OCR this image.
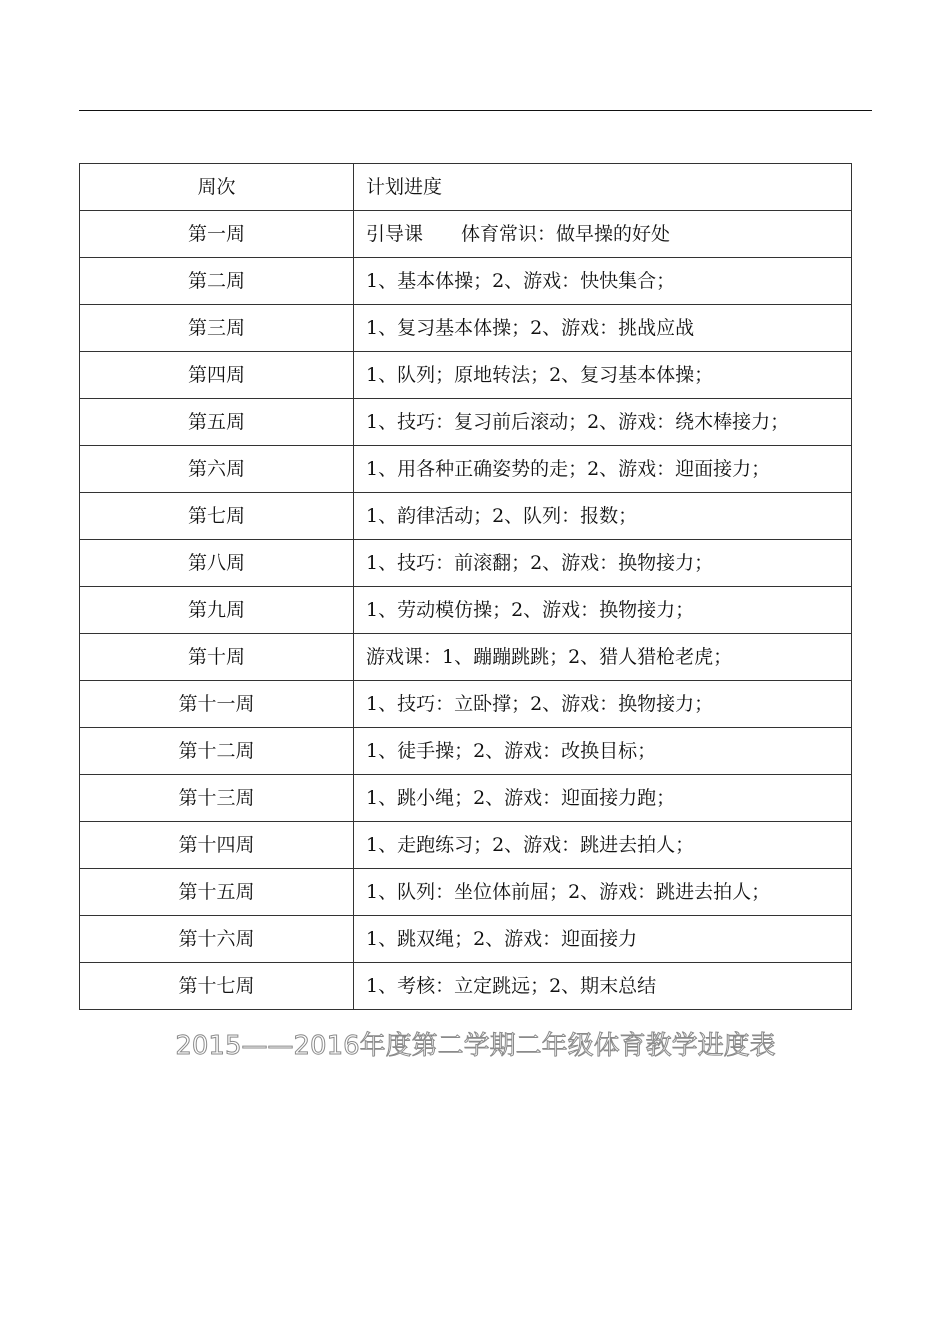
周次	计划进度
第一周	引导课　　体育常识：做早操的好处
第二周	1、基本体操；2、游戏：快快集合；
第三周	1、复习基本体操；2、游戏：挑战应战
第四周	1、队列；原地转法；2、复习基本体操；
第五周	1、技巧：复习前后滚动；2、游戏：绕木棒接力；
第六周	1、用各种正确姿势的走；2、游戏：迎面接力；
第七周	1、韵律活动；2、队列：报数；
第八周	1、技巧：前滚翻；2、游戏：换物接力；
第九周	1、劳动模仿操；2、游戏：换物接力；
第十周	游戏课：1、蹦蹦跳跳；2、猎人猎枪老虎；
第十一周	1、技巧：立卧撑；2、游戏：换物接力；
第十二周	1、徒手操；2、游戏：改换目标；
第十三周	1、跳小绳；2、游戏：迎面接力跑；
第十四周	1、走跑练习；2、游戏：跳进去拍人；
第十五周	1、队列：坐位体前屈；2、游戏：跳进去拍人；
第十六周	1、跳双绳；2、游戏：迎面接力
第十七周	1、考核：立定跳远；2、期末总结
2015——2016年度第二学期二年级体育教学进度表
